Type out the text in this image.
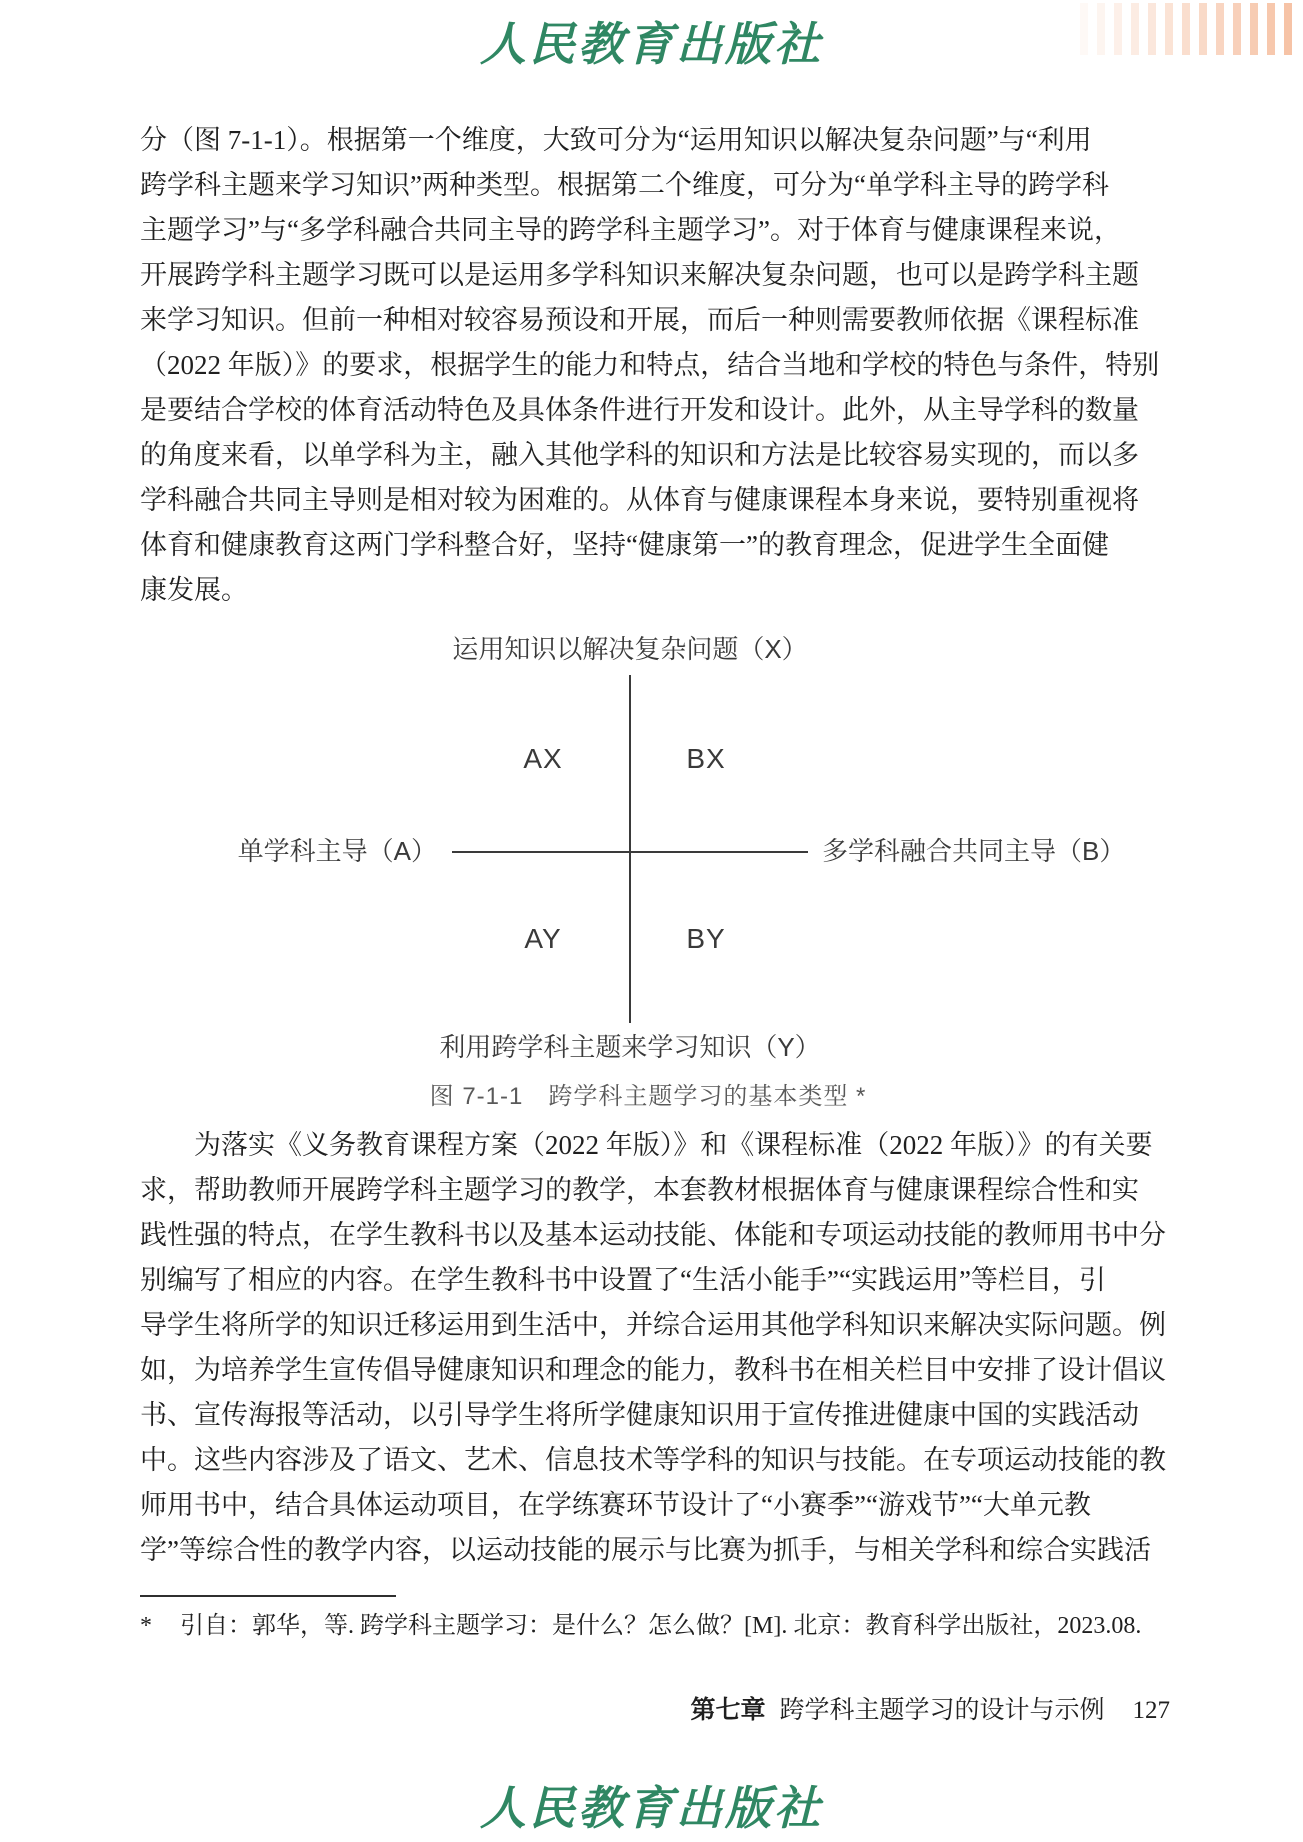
人民教育出版社
分（图 7-1-1）。根据第一个维度，大致可分为“运用知识以解决复杂问题”与“利用
跨学科主题来学习知识”两种类型。根据第二个维度，可分为“单学科主导的跨学科
主题学习”与“多学科融合共同主导的跨学科主题学习”。对于体育与健康课程来说，
开展跨学科主题学习既可以是运用多学科知识来解决复杂问题，也可以是跨学科主题
来学习知识。但前一种相对较容易预设和开展，而后一种则需要教师依据《课程标准
（2022 年版）》的要求，根据学生的能力和特点，结合当地和学校的特色与条件，特别
是要结合学校的体育活动特色及具体条件进行开发和设计。此外，从主导学科的数量
的角度来看，以单学科为主，融入其他学科的知识和方法是比较容易实现的，而以多
学科融合共同主导则是相对较为困难的。从体育与健康课程本身来说，要特别重视将
体育和健康教育这两门学科整合好，坚持“健康第一”的教育理念，促进学生全面健
康发展。
运用知识以解决复杂问题（X）
单学科主导（A）	多学科融合共同主导（B）
AX	BX
AY	BY
利用跨学科主题来学习知识（Y）
图 7-1-1　跨学科主题学习的基本类型 *
　　为落实《义务教育课程方案（2022 年版）》和《课程标准（2022 年版）》的有关要
求，帮助教师开展跨学科主题学习的教学，本套教材根据体育与健康课程综合性和实
践性强的特点，在学生教科书以及基本运动技能、体能和专项运动技能的教师用书中分
别编写了相应的内容。在学生教科书中设置了“生活小能手”“实践运用”等栏目，引
导学生将所学的知识迁移运用到生活中，并综合运用其他学科知识来解决实际问题。例
如，为培养学生宣传倡导健康知识和理念的能力，教科书在相关栏目中安排了设计倡议
书、宣传海报等活动，以引导学生将所学健康知识用于宣传推进健康中国的实践活动
中。这些内容涉及了语文、艺术、信息技术等学科的知识与技能。在专项运动技能的教
师用书中，结合具体运动项目，在学练赛环节设计了“小赛季”“游戏节”“大单元教
学”等综合性的教学内容，以运动技能的展示与比赛为抓手，与相关学科和综合实践活
* 引自：郭华，等. 跨学科主题学习：是什么？怎么做？[M]. 北京：教育科学出版社，2023.08.
第七章 跨学科主题学习的设计与示例 127
人民教育出版社
